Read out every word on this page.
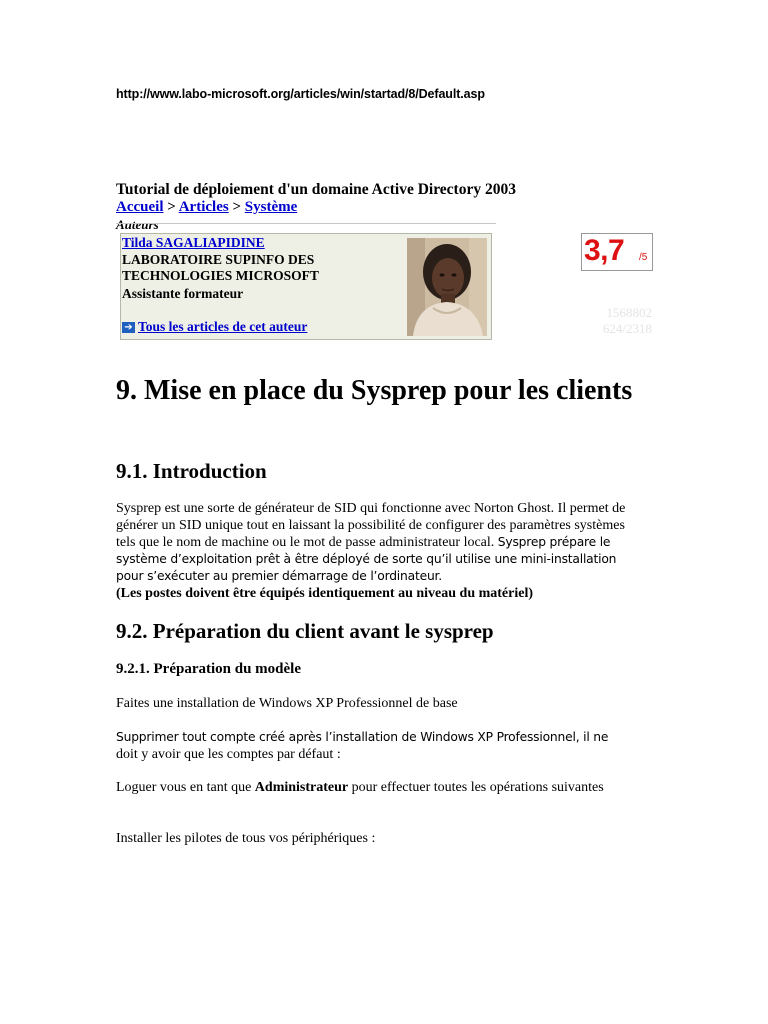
http://www.labo-microsoft.org/articles/win/startad/8/Default.asp
Tutorial de déploiement d'un domaine Active Directory 2003
Accueil > Articles > Système
Auteurs
Tilda SAGALIAPIDINE
LABORATOIRE SUPINFO DES TECHNOLOGIES MICROSOFT
Assistante formateur
➔ Tous les articles de cet auteur
3,7 /5
1568802
624/2318
9. Mise en place du Sysprep pour les clients
9.1. Introduction
Sysprep est une sorte de générateur de SID qui fonctionne avec Norton Ghost. Il permet de générer un SID unique tout en laissant la possibilité de configurer des paramètres systèmes tels que le nom de machine ou le mot de passe administrateur local. Sysprep prépare le système d’exploitation prêt à être déployé de sorte qu’il utilise une mini-installation pour s’exécuter au premier démarrage de l’ordinateur.
(Les postes doivent être équipés identiquement au niveau du matériel)
9.2. Préparation du client avant le sysprep
9.2.1. Préparation du modèle
Faites une installation de Windows XP Professionnel de base
Supprimer tout compte créé après l’installation de Windows XP Professionnel, il ne
doit y avoir que les comptes par défaut :
Loguer vous en tant que Administrateur pour effectuer toutes les opérations suivantes
Installer les pilotes de tous vos périphériques :
